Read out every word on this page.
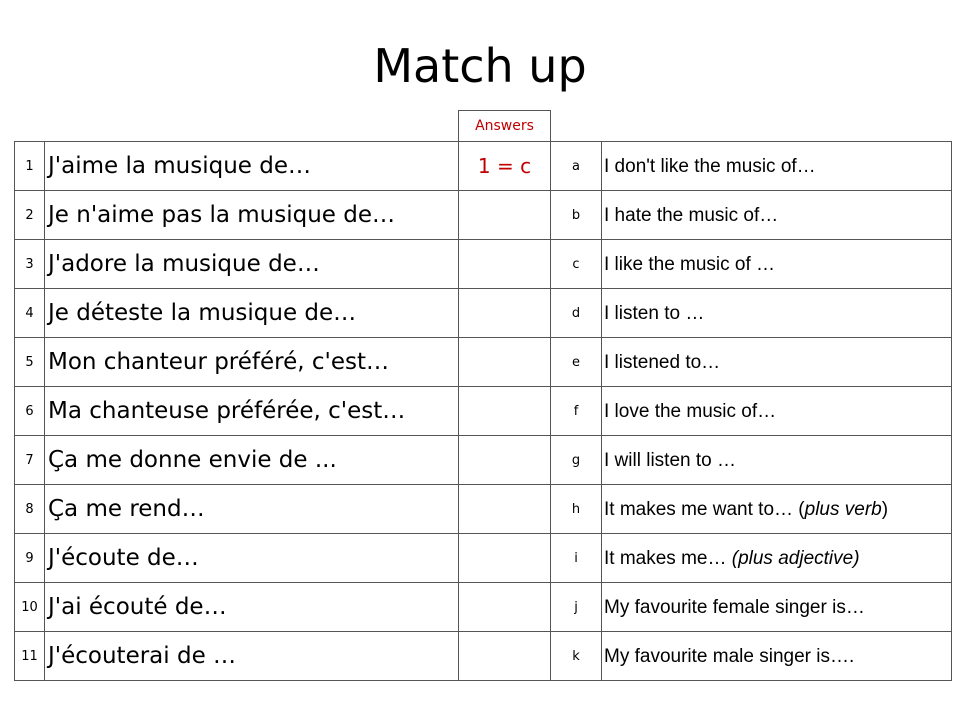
Match up
		Answers		
1	J'aime la musique de…	1 = c	a	I don't like the music of…
2	Je n'aime pas la musique de…		b	I hate the music of…
3	J'adore la musique de…		c	I like the music of …
4	Je déteste la musique de…		d	I listen to …
5	Mon chanteur préféré, c'est…		e	I listened to…
6	Ma chanteuse préférée, c'est…		f	I love the music of…
7	Ça me donne envie de ...		g	I will listen to …
8	Ça me rend…		h	It makes me want to… (plus verb)
9	J'écoute de…		i	It makes me… (plus adjective)
10	J'ai écouté de…		j	My favourite female singer is…
11	J'écouterai de …		k	My favourite male singer is….
